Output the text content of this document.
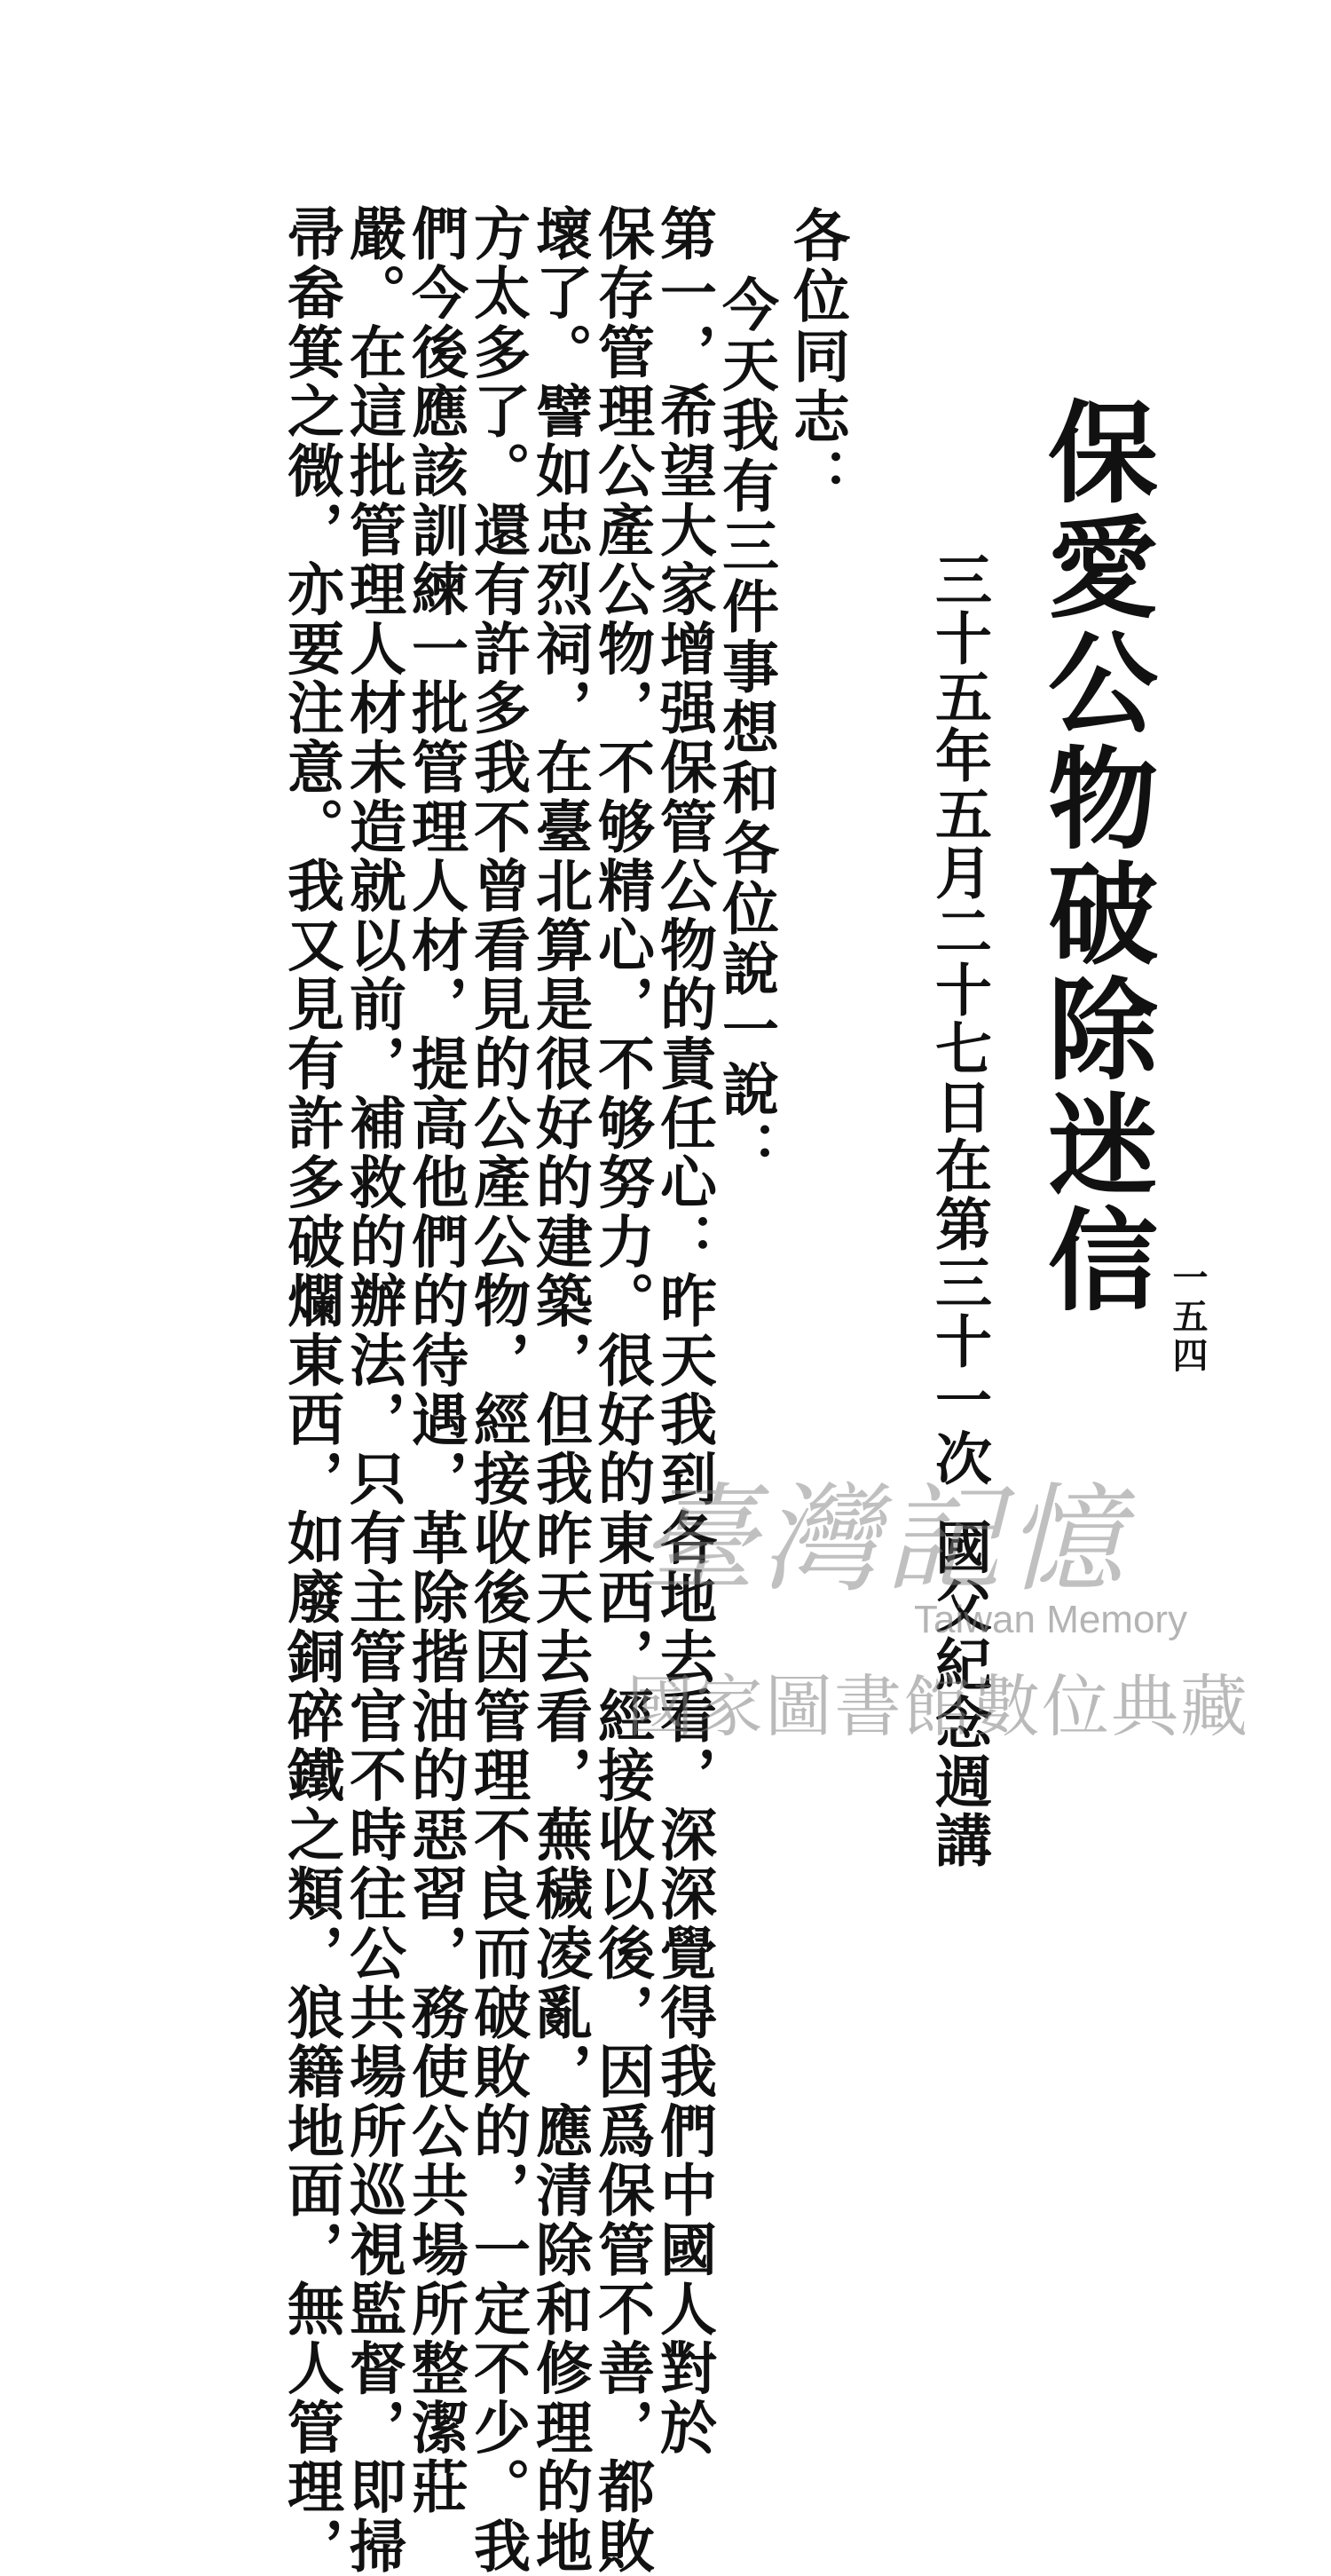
一五四
保愛公物破除迷信
三十五年五月二十七日在第三十一次國父紀念週講

各位同志：

今天我有三件事想和各位說一說：

第一，希望大家增强保管公物的責任心：昨天我到各地去看，深深覺得我們中國人對於

保存管理公產公物，不够精心，不够努力。很好的東西，經接收以後，因爲保管不善，都敗

壞了。譬如忠烈祠，在臺北算是很好的建築，但我昨天去看，蕪穢凌亂，應清除和修理的地

方太多了。還有許多我不曾看見的公產公物，經接收後因管理不良而破敗的，一定不少。我

們今後應該訓練一批管理人材，提高他們的待遇，革除揩油的惡習，務使公共場所整潔莊

嚴。在這批管理人材未造就以前，補救的辦法，只有主管官不時往公共場所巡視監督，即掃

帚畚箕之微，亦要注意。我又見有許多破爛東西，如廢銅碎鐵之類，狼籍地面，無人管理，	臺灣記憶
Taiwan Memory
國家圖書館數位典藏
